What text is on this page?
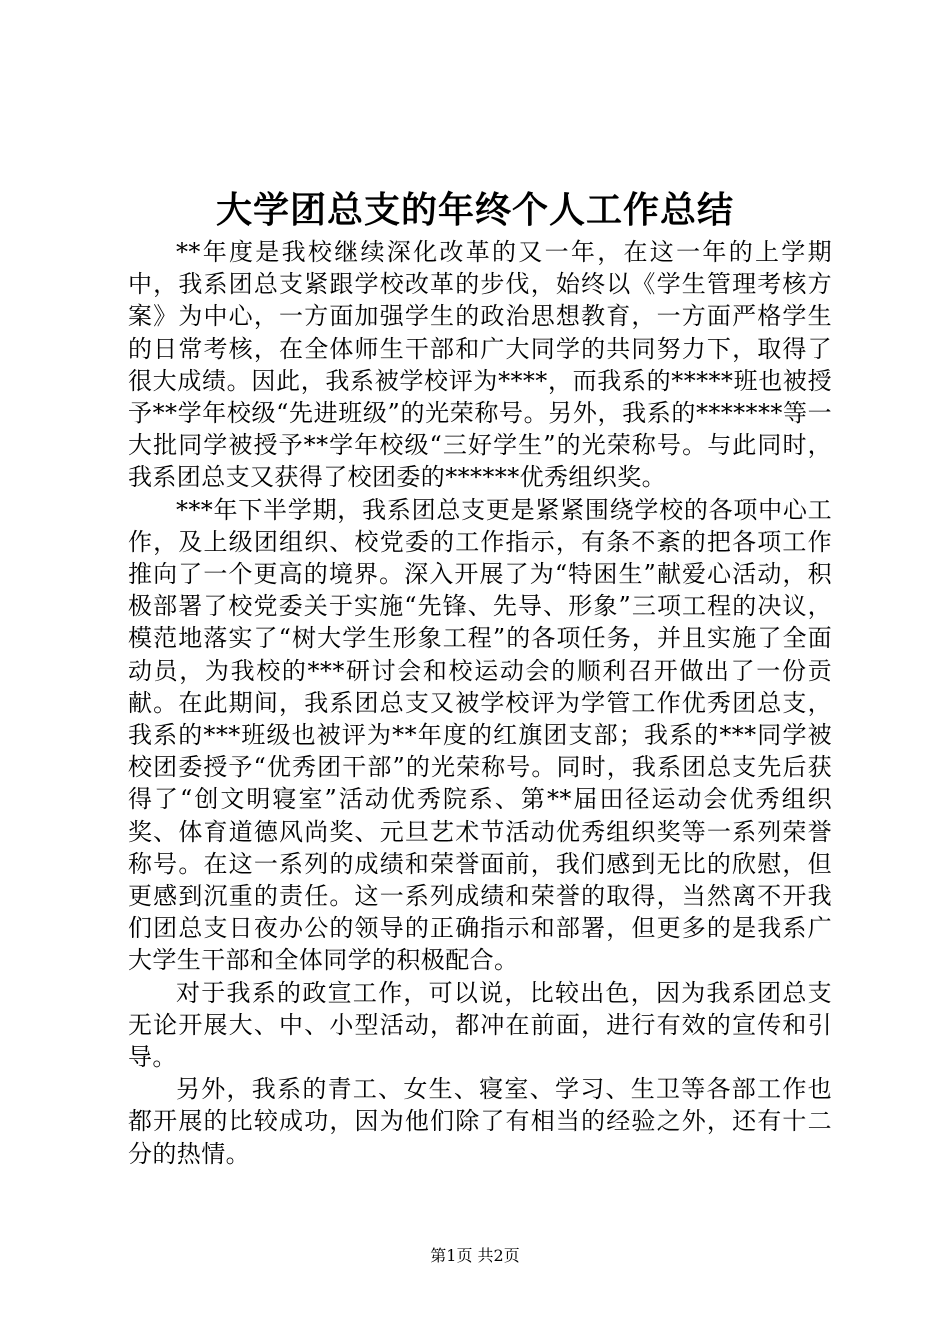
大学团总支的年终个人工作总结

**年度是我校继续深化改革的又一年，在这一年的上学期中，我系团总支紧跟学校改革的步伐，始终以《学生管理考核方案》为中心，一方面加强学生的政治思想教育，一方面严格学生的日常考核，在全体师生干部和广大同学的共同努力下，取得了很大成绩。因此，我系被学校评为****，而我系的*****班也被授予**学年校级“先进班级”的光荣称号。另外，我系的*******等一大批同学被授予**学年校级“三好学生”的光荣称号。与此同时，我系团总支又获得了校团委的******优秀组织奖。

***年下半学期，我系团总支更是紧紧围绕学校的各项中心工作，及上级团组织、校党委的工作指示，有条不紊的把各项工作推向了一个更高的境界。深入开展了为“特困生”献爱心活动，积极部署了校党委关于实施“先锋、先导、形象”三项工程的决议，模范地落实了“树大学生形象工程”的各项任务，并且实施了全面动员，为我校的***研讨会和校运动会的顺利召开做出了一份贡献。在此期间，我系团总支又被学校评为学管工作优秀团总支，我系的***班级也被评为**年度的红旗团支部；我系的***同学被校团委授予“优秀团干部”的光荣称号。同时，我系团总支先后获得了“创文明寝室”活动优秀院系、第**届田径运动会优秀组织奖、体育道德风尚奖、元旦艺术节活动优秀组织奖等一系列荣誉称号。在这一系列的成绩和荣誉面前，我们感到无比的欣慰，但更感到沉重的责任。这一系列成绩和荣誉的取得，当然离不开我们团总支日夜办公的领导的正确指示和部署，但更多的是我系广大学生干部和全体同学的积极配合。

对于我系的政宣工作，可以说，比较出色，因为我系团总支无论开展大、中、小型活动，都冲在前面，进行有效的宣传和引导。

另外，我系的青工、女生、寝室、学习、生卫等各部工作也都开展的比较成功，因为他们除了有相当的经验之外，还有十二分的热情。

第1页 共2页
